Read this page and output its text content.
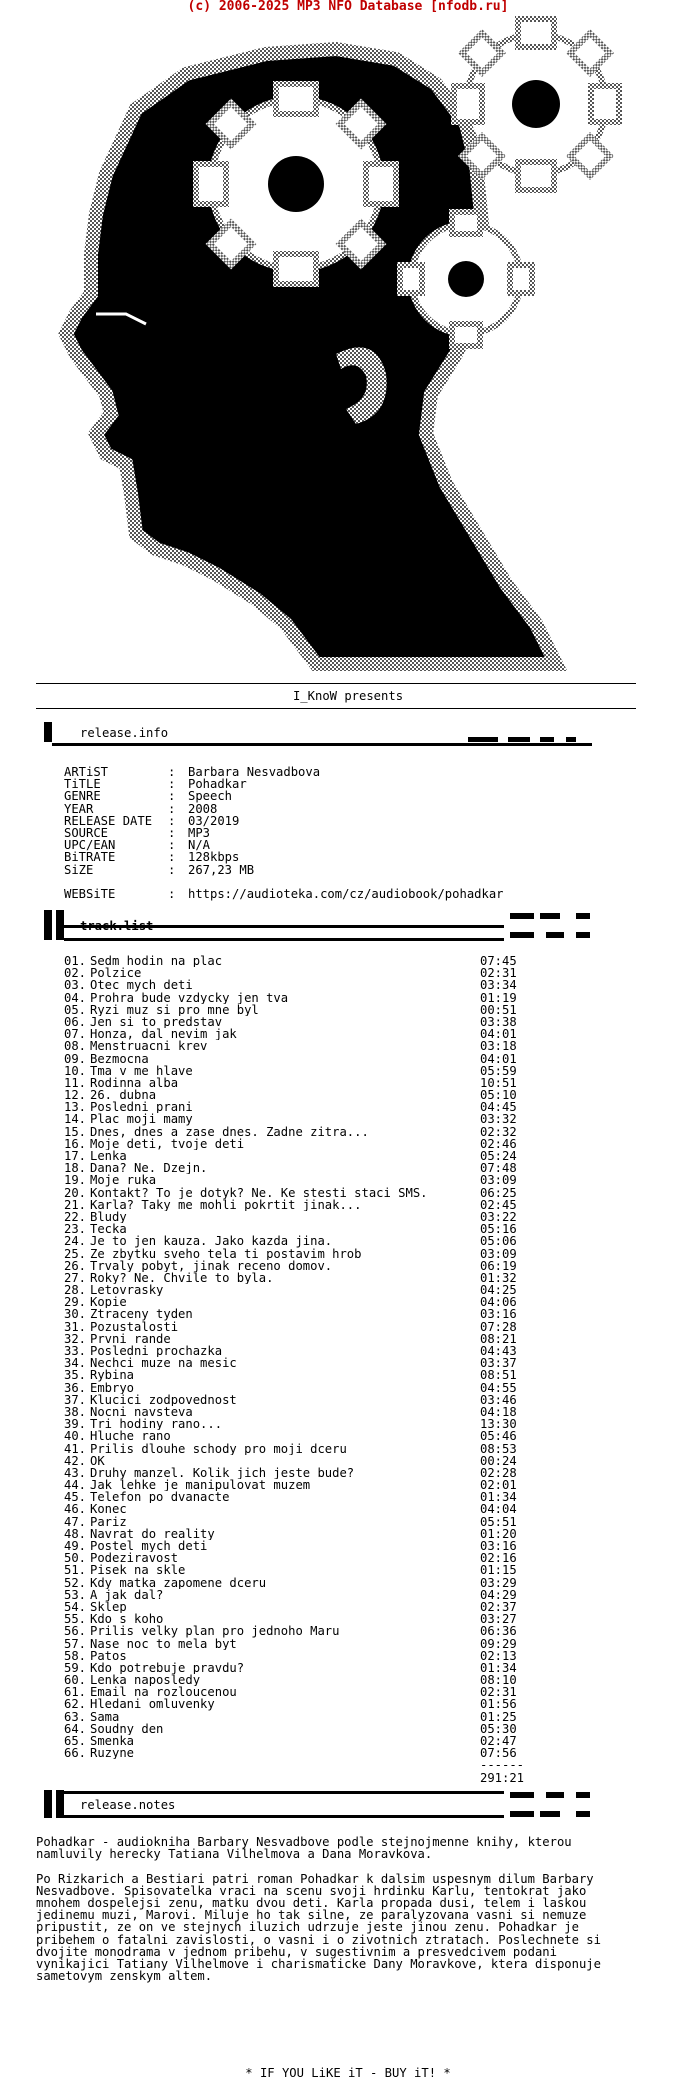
(c) 2006-2025 MP3 NFO Database [nfodb.ru]
I_KnoW presents
release.info
ARTiST	:	Barbara Nesvadbova
TiTLE	:	Pohadkar
GENRE	:	Speech
YEAR	:	2008
RELEASE DATE	:	03/2019
SOURCE	:	MP3
UPC/EAN	:	N/A
BiTRATE	:	128kbps
SiZE	:	267,23 MB
WEBSiTE	:	https://audioteka.com/cz/audiobook/pohadkar
track.list
01. Sedm hodin na plac	07:45
02. Polzice	02:31
03. Otec mych deti	03:34
04. Prohra bude vzdycky jen tva	01:19
05. Ryzi muz si pro mne byl	00:51
06. Jen si to predstav	03:38
07. Honza, dal nevim jak	04:01
08. Menstruacni krev	03:18
09. Bezmocna	04:01
10. Tma v me hlave	05:59
11. Rodinna alba	10:51
12. 26. dubna	05:10
13. Posledni prani	04:45
14. Plac moji mamy	03:32
15. Dnes, dnes a zase dnes. Zadne zitra...	02:32
16. Moje deti, tvoje deti	02:46
17. Lenka	05:24
18. Dana? Ne. Dzejn.	07:48
19. Moje ruka	03:09
20. Kontakt? To je dotyk? Ne. Ke stesti staci SMS.	06:25
21. Karla? Taky me mohli pokrtit jinak...	02:45
22. Bludy	03:22
23. Tecka	05:16
24. Je to jen kauza. Jako kazda jina.	05:06
25. Ze zbytku sveho tela ti postavim hrob	03:09
26. Trvaly pobyt, jinak receno domov.	06:19
27. Roky? Ne. Chvile to byla.	01:32
28. Letovrasky	04:25
29. Kopie	04:06
30. Ztraceny tyden	03:16
31. Pozustalosti	07:28
32. Prvni rande	08:21
33. Posledni prochazka	04:43
34. Nechci muze na mesic	03:37
35. Rybina	08:51
36. Embryo	04:55
37. Klucici zodpovednost	03:46
38. Nocni navsteva	04:18
39. Tri hodiny rano...	13:30
40. Hluche rano	05:46
41. Prilis dlouhe schody pro moji dceru	08:53
42. OK	00:24
43. Druhy manzel. Kolik jich jeste bude?	02:28
44. Jak lehke je manipulovat muzem	02:01
45. Telefon po dvanacte	01:34
46. Konec	04:04
47. Pariz	05:51
48. Navrat do reality	01:20
49. Postel mych deti	03:16
50. Podeziravost	02:16
51. Pisek na skle	01:15
52. Kdy matka zapomene dceru	03:29
53. A jak dal?	04:29
54. Sklep	02:37
55. Kdo s koho	03:27
56. Prilis velky plan pro jednoho Maru	06:36
57. Nase noc to mela byt	09:29
58. Patos	02:13
59. Kdo potrebuje pravdu?	01:34
60. Lenka naposledy	08:10
61. Email na rozloucenou	02:31
62. Hledani omluvenky	01:56
63. Sama	01:25
64. Soudny den	05:30
65. Smenka	02:47
66. Ruzyne	07:56
------
291:21
release.notes

Pohadkar - audiokniha Barbary Nesvadbove podle stejnojmenne knihy, kterou namluvily herecky Tatiana Vilhelmova a Dana Moravkova.

Po Rizkarich a Bestiari patri roman Pohadkar k dalsim uspesnym dilum Barbary Nesvadbove. Spisovatelka vraci na scenu svoji hrdinku Karlu, tentokrat jako mnohem dospelejsi zenu, matku dvou deti. Karla propada dusi, telem i laskou jedinemu muzi, Marovi. Miluje ho tak silne, ze paralyzovana vasni si nemuze pripustit, ze on ve stejnych iluzich udrzuje jeste jinou zenu. Pohadkar je pribehem o fatalni zavislosti, o vasni i o zivotnich ztratach. Poslechnete si dvojite monodrama v jednom pribehu, v sugestivnim a presvedcivem podani vynikajici Tatiany Vilhelmove i charismaticke Dany Moravkove, ktera disponuje sametovym zenskym altem.

* IF YOU LiKE iT - BUY iT! *
